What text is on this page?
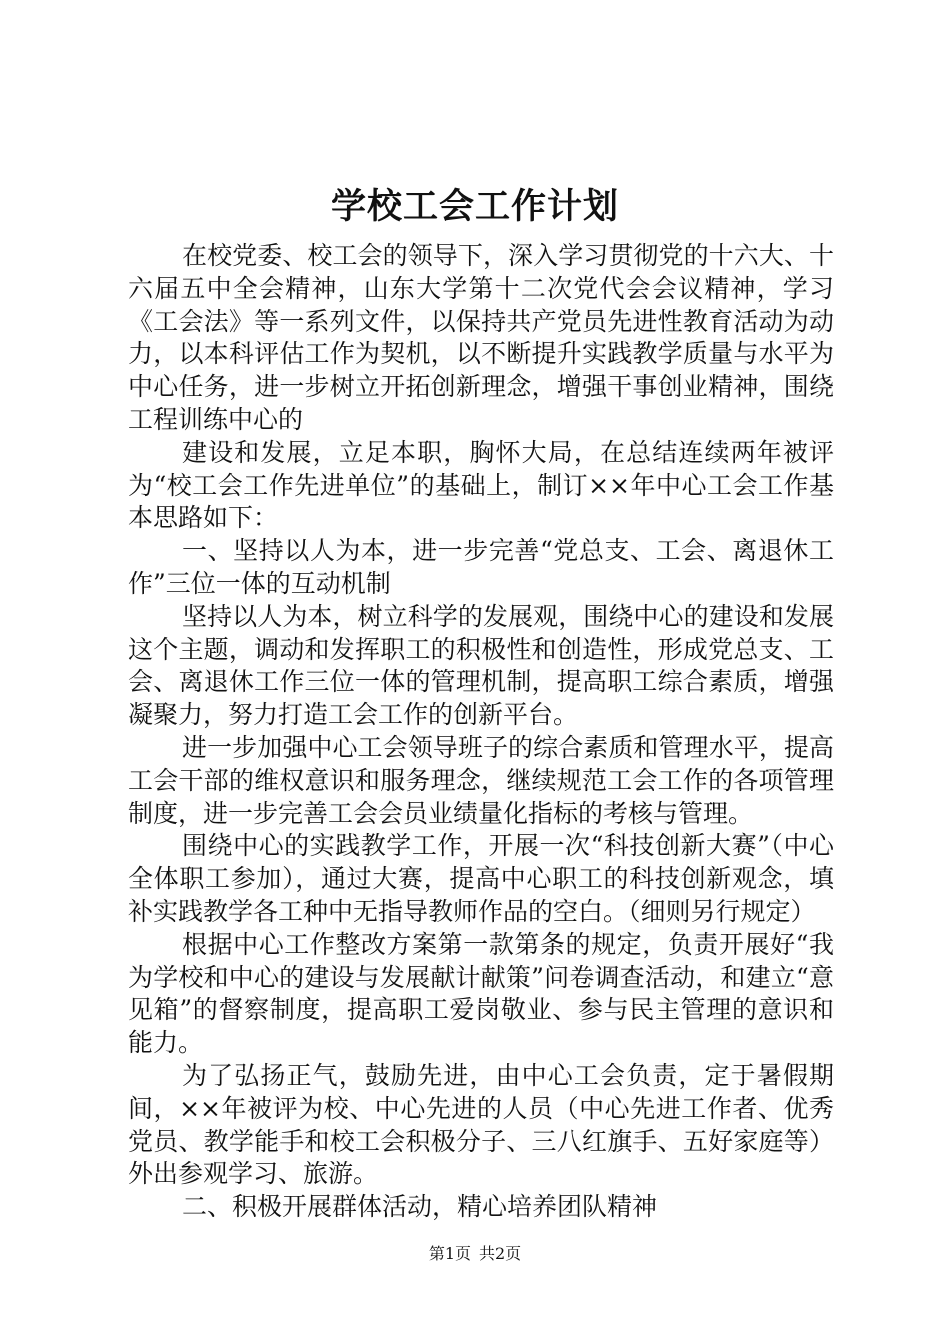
学校工会工作计划

在校党委、校工会的领导下，深入学习贯彻党的十六大、十六届五中全会精神，山东大学第十二次党代会会议精神，学习《工会法》等一系列文件，以保持共产党员先进性教育活动为动力，以本科评估工作为契机，以不断提升实践教学质量与水平为中心任务，进一步树立开拓创新理念，增强干事创业精神，围绕工程训练中心的

建设和发展，立足本职，胸怀大局，在总结连续两年被评为“校工会工作先进单位”的基础上，制订××年中心工会工作基本思路如下：

一、坚持以人为本，进一步完善“党总支、工会、离退休工作”三位一体的互动机制

坚持以人为本，树立科学的发展观，围绕中心的建设和发展这个主题，调动和发挥职工的积极性和创造性，形成党总支、工会、离退休工作三位一体的管理机制，提高职工综合素质，增强凝聚力，努力打造工会工作的创新平台。

进一步加强中心工会领导班子的综合素质和管理水平，提高工会干部的维权意识和服务理念，继续规范工会工作的各项管理制度，进一步完善工会会员业绩量化指标的考核与管理。

围绕中心的实践教学工作，开展一次“科技创新大赛”（中心全体职工参加），通过大赛，提高中心职工的科技创新观念，填补实践教学各工种中无指导教师作品的空白。（细则另行规定）

根据中心工作整改方案第一款第条的规定，负责开展好“我为学校和中心的建设与发展献计献策”问卷调查活动，和建立“意见箱”的督察制度，提高职工爱岗敬业、参与民主管理的意识和能力。

为了弘扬正气，鼓励先进，由中心工会负责，定于暑假期间，××年被评为校、中心先进的人员（中心先进工作者、优秀党员、教学能手和校工会积极分子、三八红旗手、五好家庭等）外出参观学习、旅游。

二、积极开展群体活动，精心培养团队精神

第1页 共2页
